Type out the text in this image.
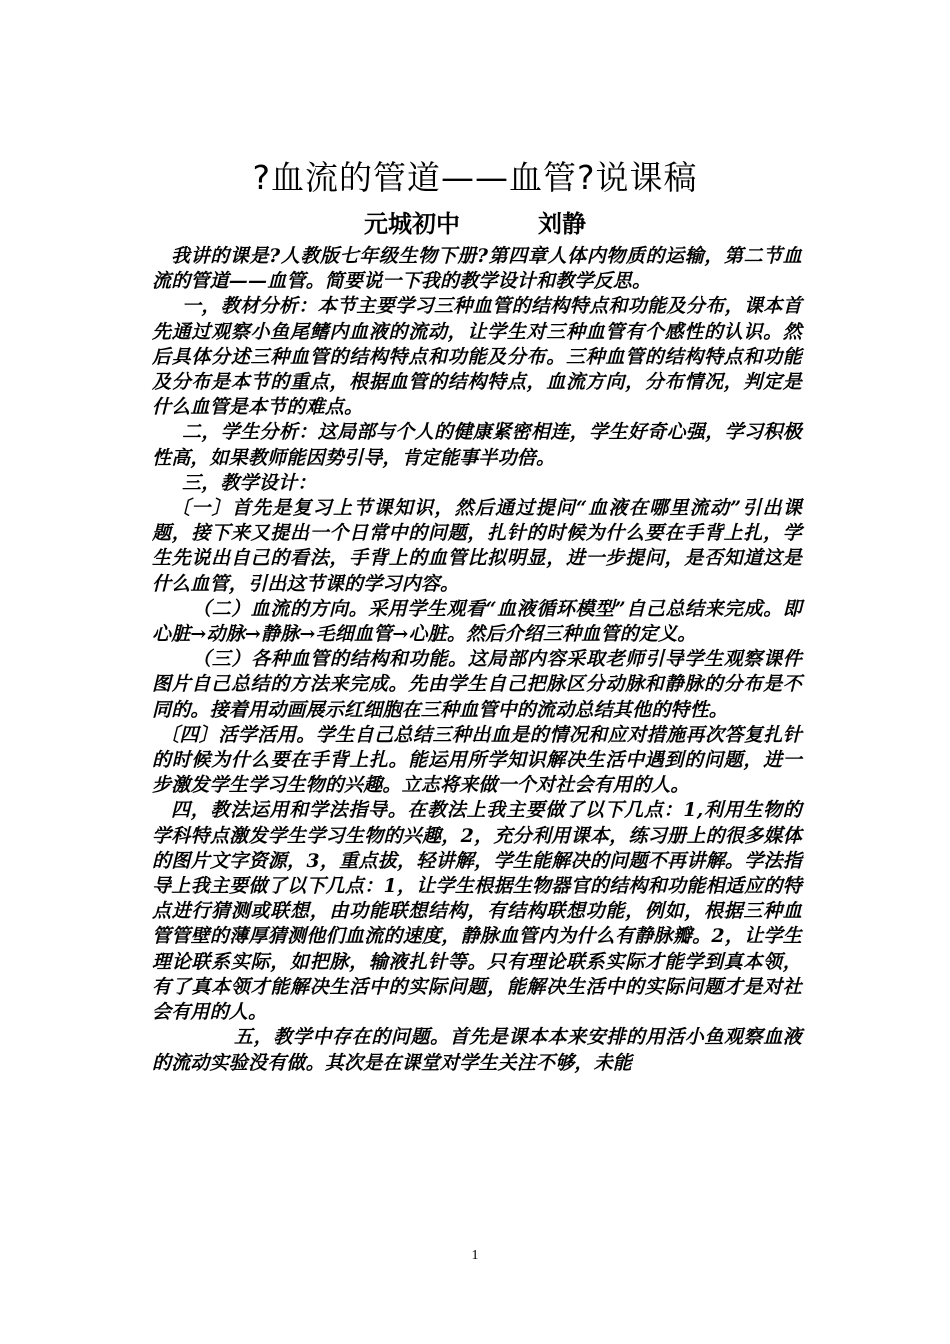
?血流的管道——血管?说课稿
元城初中	刘静

我讲的课是?人教版七年级生物下册?第四章人体内物质的运输，第二节血流的管道——血管。简要说一下我的教学设计和教学反思。

一，教材分析：本节主要学习三种血管的结构特点和功能及分布，课本首先通过观察小鱼尾鳍内血液的流动，让学生对三种血管有个感性的认识。然后具体分述三种血管的结构特点和功能及分布。三种血管的结构特点和功能及分布是本节的重点，根据血管的结构特点，血流方向，分布情况，判定是什么血管是本节的难点。

二，学生分析：这局部与个人的健康紧密相连，学生好奇心强，学习积极性高，如果教师能因势引导，肯定能事半功倍。

三，教学设计：

〔一〕首先是复习上节课知识，然后通过提问“血液在哪里流动”引出课题，接下来又提出一个日常中的问题，扎针的时候为什么要在手背上扎，学生先说出自己的看法，手背上的血管比拟明显，进一步提问，是否知道这是什么血管，引出这节课的学习内容。

（二）血流的方向。采用学生观看“血液循环模型”自己总结来完成。即心脏→动脉→静脉→毛细血管→心脏。然后介绍三种血管的定义。

（三）各种血管的结构和功能。这局部内容采取老师引导学生观察课件图片自己总结的方法来完成。先由学生自己把脉区分动脉和静脉的分布是不同的。接着用动画展示红细胞在三种血管中的流动总结其他的特性。

〔四〕活学活用。学生自己总结三种出血是的情况和应对措施再次答复扎针的时候为什么要在手背上扎。能运用所学知识解决生活中遇到的问题，进一步激发学生学习生物的兴趣。立志将来做一个对社会有用的人。

四，教法运用和学法指导。在教法上我主要做了以下几点：1,利用生物的学科特点激发学生学习生物的兴趣，2，充分利用课本，练习册上的很多媒体的图片文字资源，3，重点拔，轻讲解，学生能解决的问题不再讲解。学法指导上我主要做了以下几点：1，让学生根据生物器官的结构和功能相适应的特点进行猜测或联想，由功能联想结构，有结构联想功能，例如，根据三种血管管壁的薄厚猜测他们血流的速度，静脉血管内为什么有静脉瓣。2，让学生理论联系实际，如把脉，输液扎针等。只有理论联系实际才能学到真本领，有了真本领才能解决生活中的实际问题，能解决生活中的实际问题才是对社会有用的人。

五，教学中存在的问题。首先是课本本来安排的用活小鱼观察血液的流动实验没有做。其次是在课堂对学生关注不够，未能

1
